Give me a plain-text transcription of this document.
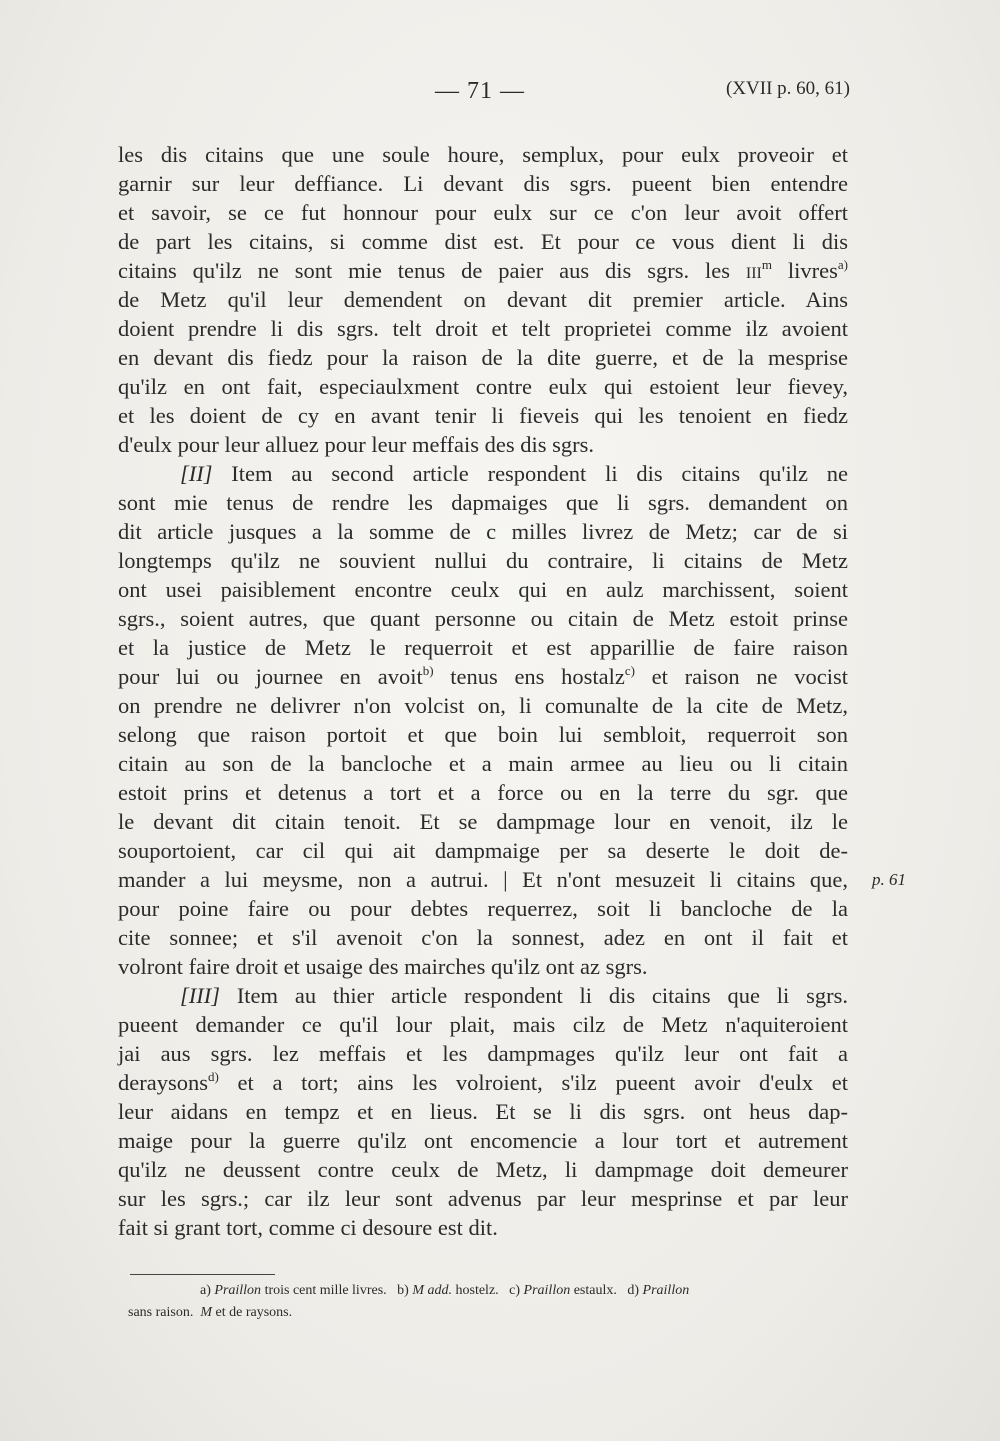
— 71 —	(XVII p. 60, 61)
les dis citains que une soule houre, semplux, pour eulx proveoir et
garnir sur leur deffiance. Li devant dis sgrs. pueent bien entendre
et savoir, se ce fut honnour pour eulx sur ce c'on leur avoit offert
de part les citains, si comme dist est. Et pour ce vous dient li dis
citains qu'ilz ne sont mie tenus de paier aus dis sgrs. les iii$^m$ livres$^{a)}$
de Metz qu'il leur demendent on devant dit premier article. Ains
doient prendre li dis sgrs. telt droit et telt proprietei comme ilz avoient
en devant dis fiedz pour la raison de la dite guerre, et de la mesprise
qu'ilz en ont fait, especiaulxment contre eulx qui estoient leur fievey,
et les doient de cy en avant tenir li fieveis qui les tenoient en fiedz
d'eulx pour leur alluez pour leur meffais des dis sgrs.
[II] Item au second article respondent li dis citains qu'ilz ne
sont mie tenus de rendre les dapmaiges que li sgrs. demandent on
dit article jusques a la somme de c milles livrez de Metz; car de si
longtemps qu'ilz ne souvient nullui du contraire, li citains de Metz
ont usei paisiblement encontre ceulx qui en aulz marchissent, soient
sgrs., soient autres, que quant personne ou citain de Metz estoit prinse
et la justice de Metz le requerroit et est apparillie de faire raison
pour lui ou journee en avoit$^{b)}$ tenus ens hostalz$^{c)}$ et raison ne vocist
on prendre ne delivrer n'on volcist on, li comunalte de la cite de Metz,
selong que raison portoit et que boin lui sembloit, requerroit son
citain au son de la bancloche et a main armee au lieu ou li citain
estoit prins et detenus a tort et a force ou en la terre du sgr. que
le devant dit citain tenoit. Et se dampmage lour en venoit, ilz le
souportoient, car cil qui ait dampmaige per sa deserte le doit de-
mander a lui meysme, non a autrui. | Et n'ont mesuzeit li citains que,
pour poine faire ou pour debtes requerrez, soit li bancloche de la
cite sonnee; et s'il avenoit c'on la sonnest, adez en ont il fait et
volront faire droit et usaige des mairches qu'ilz ont az sgrs.
[III] Item au thier article respondent li dis citains que li sgrs.
pueent demander ce qu'il lour plait, mais cilz de Metz n'aquiteroient
jai aus sgrs. lez meffais et les dampmages qu'ilz leur ont fait a
deraysons$^{d)}$ et a tort; ains les volroient, s'ilz pueent avoir d'eulx et
leur aidans en tempz et en lieus. Et se li dis sgrs. ont heus dap-
maige pour la guerre qu'ilz ont encomencie a lour tort et autrement
qu'ilz ne deussent contre ceulx de Metz, li dampmage doit demeurer
sur les sgrs.; car ilz leur sont advenus par leur mesprinse et par leur
fait si grant tort, comme ci desoure est dit.
p. 61
a) Praillon trois cent mille livres. b) M add. hostelz. c) Praillon estaulx. d) Praillon
sans raison. M et de raysons.
